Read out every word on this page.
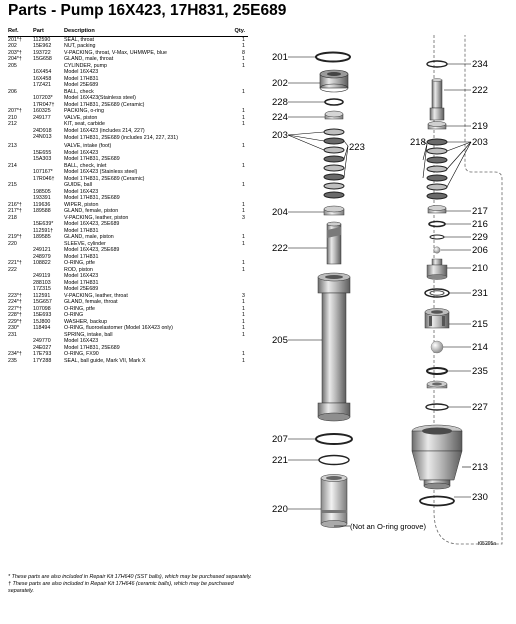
Parts - Pump 16X423, 17H831, 25E689
Ref.	Part	Description	Qty.
201*†	112590	SEAL, throat	1
202	15E962	NUT, packing	1
203*†	193722	V-PACKING, throat, V-Max, UHMWPE, blue	8
204*†	15G658	GLAND, male, throat	1
205		CYLINDER, pump	1
	16X454	Model 16X423	
	16X458	Model 17H831	
	17Z421	Model 25E689	
206		BALL, check	1
	107203*	Model 16X423(Stainless steel)	
	17R047†	Model 17H831, 25E689 (Ceramic)	
207*†	160325	PACKING, o-ring	1
210	249177	VALVE, piston	1
212		KIT, seat, carbide	1
	24D918	Model 16X423 (includes 214, 227)	
	24N013	Model 17H831, 25E689 (includes 214, 227, 231)	
213		VALVE, intake (foot)	1
	15E655	Model 16X423	
	15A303	Model 17H831, 25E689	
214		BALL, check, inlet	1
	107167*	Model 16X423 (Stainless steel)	
	17R046†	Model 17H831, 25E689 (Ceramic)	
215		GUIDE, ball	1
	198505	Model 16X423	
	193391	Model 17H831, 25E689	
216*†	119636	WIPER, piston	1
217*†	189588	GLAND, female, piston	1
218		V-PACKING, leather, piston	3
	15E639*	Model 16X423, 25E689	
	112591†	Model 17H831	
219*†	189585	GLAND, male, piston	1
220		SLEEVE, cylinder	1
	249121	Model 16X423, 25E689	
	248979	Model 17H831	
221*†	108822	O-RING, ptfe	1
222		ROD, piston	1
	249119	Model 16X423	
	288103	Model 17H831	
	17Z315	Model 25E689	
223*†	112591	V-PACKING, leather, throat	3
224*†	15G657	GLAND, female, throat	1
227*†	107098	O-RING, ptfe	1
228*†	15E693	O-RING	1
229*†	15J800	WASHER, backup	1
230*	118494	O-RING, fluoroelastomer (Model 16X423 only)	1
231		SPRING, intake, ball	1
	249770	Model 16X423	
	24E027	Model 17H831, 25E689	
234*†	17E793	O-RING, FX90	1
235	17Y288	SEAL, ball guide, Mark VII, Mark X	1

* These parts are also included in Repair Kit 17H640 (SST balls), which may be purchased separately.

† These parts are also included in Repair Kit 17H646 (ceramic balls), which may be purchased separately.

201
202
228
224
203
223
204
222
205
207
221
220
234
222
219
218	203
217
216
229
206
210
231
215
214
235
227
213
230
(Not an O-ring groove)
t05295a
